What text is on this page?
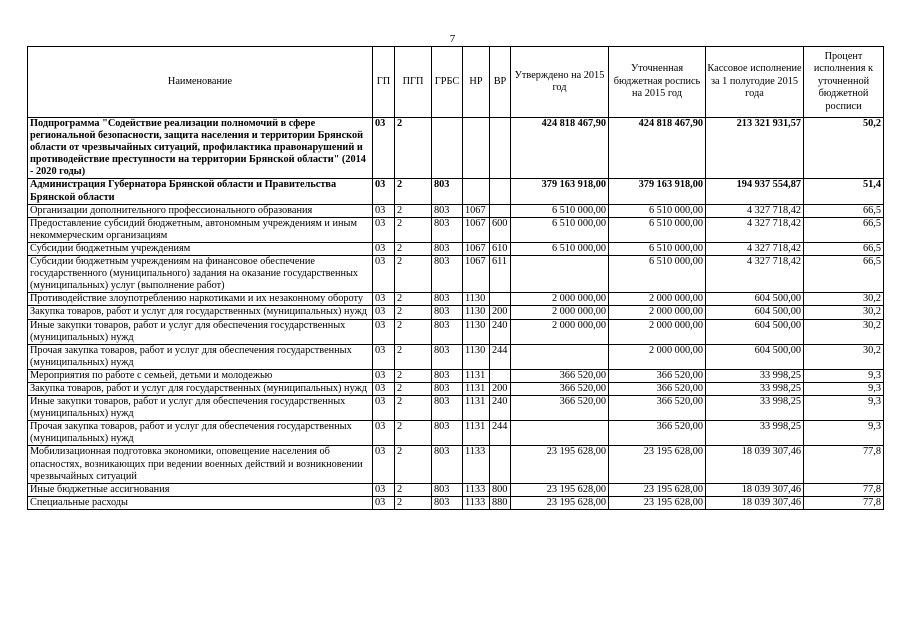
7
Наименование	ГП	ПГП	ГРБС	НР	ВР	Утверждено на 2015 год	Уточненная бюджетная роспись на 2015 год	Кассовое исполнение за 1 полугодие 2015 года	Процент исполнения к уточненной бюджетной росписи
Подпрограмма "Содействие реализации полномочий в сфере региональной безопасности, защита населения и территории Брянской области от чрезвычайных ситуаций, профилактика правонарушений и противодействие преступности на территории Брянской области" (2014 - 2020 годы)	03	2				424 818 467,90	424 818 467,90	213 321 931,57	50,2
Администрация Губернатора Брянской области и Правительства Брянской области	03	2	803			379 163 918,00	379 163 918,00	194 937 554,87	51,4
Организации дополнительного профессионального образования	03	2	803	1067		6 510 000,00	6 510 000,00	4 327 718,42	66,5
Предоставление субсидий бюджетным, автономным учреждениям и иным некоммерческим организациям	03	2	803	1067	600	6 510 000,00	6 510 000,00	4 327 718,42	66,5
Субсидии бюджетным учреждениям	03	2	803	1067	610	6 510 000,00	6 510 000,00	4 327 718,42	66,5
Субсидии бюджетным учреждениям на финансовое обеспечение государственного (муниципального) задания на оказание государственных (муниципальных) услуг (выполнение работ)	03	2	803	1067	611		6 510 000,00	4 327 718,42	66,5
Противодействие злоупотреблению наркотиками и их незаконному обороту	03	2	803	1130		2 000 000,00	2 000 000,00	604 500,00	30,2
Закупка товаров, работ и услуг для государственных (муниципальных) нужд	03	2	803	1130	200	2 000 000,00	2 000 000,00	604 500,00	30,2
Иные закупки товаров, работ и услуг для обеспечения государственных (муниципальных) нужд	03	2	803	1130	240	2 000 000,00	2 000 000,00	604 500,00	30,2
Прочая закупка товаров, работ и услуг для обеспечения государственных (муниципальных) нужд	03	2	803	1130	244		2 000 000,00	604 500,00	30,2
Мероприятия по работе с семьей, детьми и молодежью	03	2	803	1131		366 520,00	366 520,00	33 998,25	9,3
Закупка товаров, работ и услуг для государственных (муниципальных) нужд	03	2	803	1131	200	366 520,00	366 520,00	33 998,25	9,3
Иные закупки товаров, работ и услуг для обеспечения государственных (муниципальных) нужд	03	2	803	1131	240	366 520,00	366 520,00	33 998,25	9,3
Прочая закупка товаров, работ и услуг для обеспечения государственных (муниципальных) нужд	03	2	803	1131	244		366 520,00	33 998,25	9,3
Мобилизационная подготовка экономики, оповещение населения об опасностях, возникающих при ведении военных действий и возникновении чрезвычайных ситуаций	03	2	803	1133		23 195 628,00	23 195 628,00	18 039 307,46	77,8
Иные бюджетные ассигнования	03	2	803	1133	800	23 195 628,00	23 195 628,00	18 039 307,46	77,8
Специальные расходы	03	2	803	1133	880	23 195 628,00	23 195 628,00	18 039 307,46	77,8
